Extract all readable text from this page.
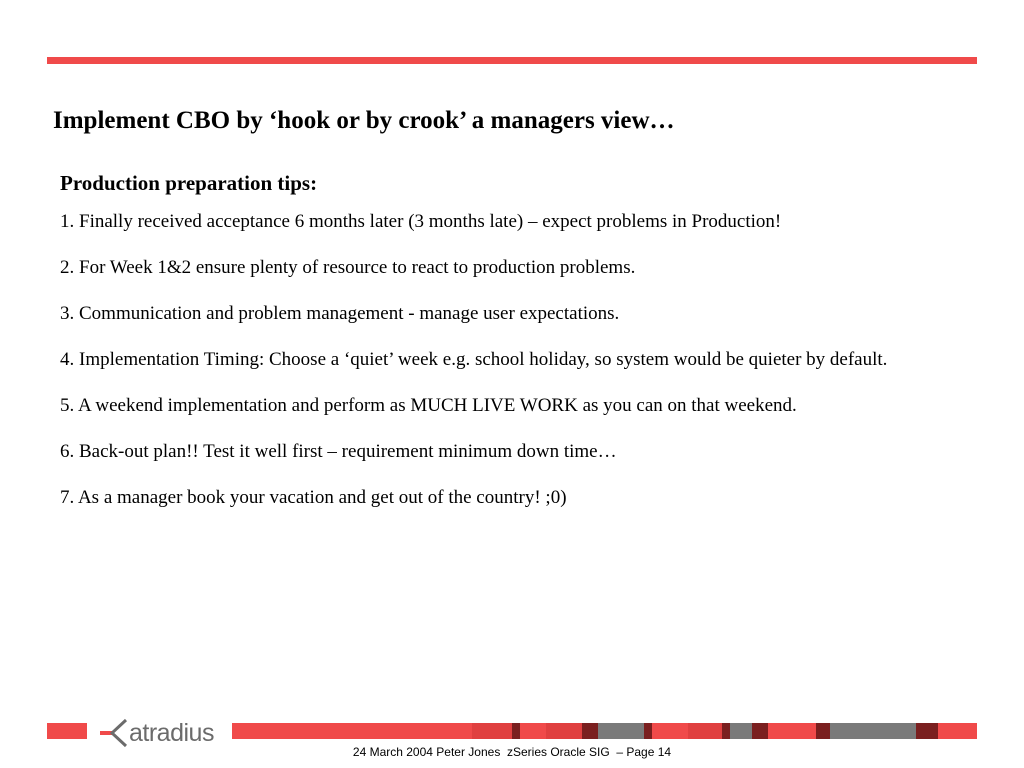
Implement CBO by ‘hook or by crook’ a managers view…

Production preparation tips:

1. Finally received acceptance 6 months later (3 months late) – expect problems in Production!

2. For Week 1&2 ensure plenty of resource to react to production problems.

3. Communication and problem management - manage user expectations.

4. Implementation Timing: Choose a ‘quiet’ week e.g. school holiday, so system would be quieter by default.

5. A weekend implementation and perform as MUCH LIVE WORK as you can on that weekend.

6. Back-out plan!! Test it well first – requirement minimum down time…

7. As a manager book your vacation and get out of the country! ;0)

atradius
24 March 2004 Peter Jones  zSeries Oracle SIG  – Page 14
